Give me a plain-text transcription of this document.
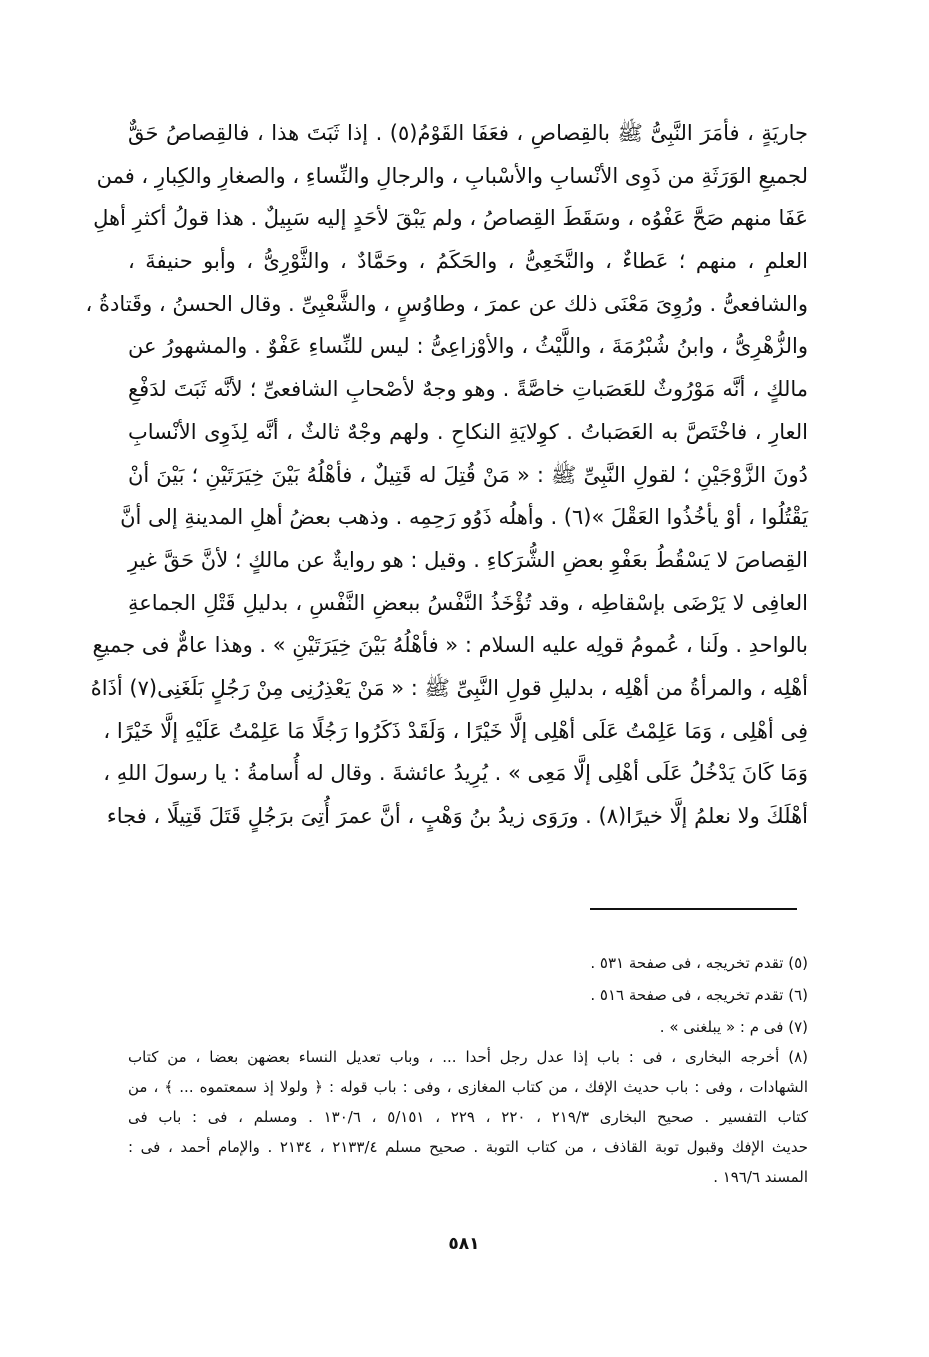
جاريَةٍ ، فأمَرَ النَّبِىُّ ﷺ بالقِصاصِ ، فعَفَا القَوْمُ(٥) . إذا ثَبَتَ هذا ، فالقِصاصُ حَقٌّ
لجميعِ الوَرَثَةِ من ذَوِى الأنْسابِ والأسْبابِ ، والرجالِ والنِّساءِ ، والصغارِ والكِبارِ ، فمن
عَفَا منهم صَحَّ عَفْوُه ، وسَقَطَ القِصاصُ ، ولم يَبْقَ لأحَدٍ إليه سَبِيلٌ . هذا قولُ أكثرِ أهلِ
العلمِ ، منهم ؛ عَطاءٌ ، والنَّخَعِىُّ ، والحَكَمُ ، وحَمَّادٌ ، والثَّوْرِىُّ ، وأبو حنيفةَ ،
والشافعىُّ . ورُوِىَ مَعْنَى ذلك عن عمرَ ، وطاوُسٍ ، والشَّعْبِىِّ . وقال الحسنُ ، وقَتادةُ ،
والزُّهْرِىُّ ، وابنُ شُبْرُمَةَ ، واللَّيْثُ ، والأوْزاعِىُّ : ليس للنِّساءِ عَفْوٌ . والمشهورُ عن
مالكٍ ، أنَّه مَوْرُوثٌ للعَصَباتِ خاصَّةً . وهو وجهٌ لأصْحابِ الشافعىِّ ؛ لأنَّه ثَبَتَ لدَفْعِ
العارِ ، فاخْتَصَّ به العَصَباتُ . كوِلايَةِ النكاحِ . ولهم وجْهٌ ثالثٌ ، أنَّه لِذَوِى الأنْسابِ
دُونَ الزَّوْجَيْنِ ؛ لقولِ النَّبِىِّ ﷺ : « مَنْ قُتِلَ له قَتِيلٌ ، فأهْلُهُ بَيْنَ خِيَرَتَيْنِ ؛ بَيْنَ أنْ
يَقْتُلُوا ، أوْ يأخُذُوا العَقْلَ »(٦) . وأهلُه ذَوُو رَحِمِه . وذهب بعضُ أهلِ المدينةِ إلى أنَّ
القِصاصَ لا يَسْقُطُ بعَفْوِ بعضِ الشُّرَكاءِ . وقيل : هو روايةٌ عن مالكٍ ؛ لأنَّ حَقَّ غيرِ
العافِى لا يَرْضَى بإسْقاطِه ، وقد تُؤْخَذُ النَّفْسُ ببعضِ النَّفْسِ ، بدليلِ قَتْلِ الجماعةِ
بالواحدِ . ولَنا ، عُمومُ قولِه عليه السلام : « فأهْلُهُ بَيْنَ خِيَرَتَيْنِ » . وهذا عامٌّ فى جميعِ
أهْلِه ، والمرأةُ من أهْلِه ، بدليلِ قولِ النَّبِىِّ ﷺ : « مَنْ يَعْذِرُنِى مِنْ رَجُلٍ بَلَغَنِى(٧) أذَاهُ
فِى أهْلِى ، وَمَا عَلِمْتُ عَلَى أهْلِى إلَّا خَيْرًا ، وَلَقَدْ ذَكَرُوا رَجُلًا مَا عَلِمْتُ عَلَيْهِ إلَّا خَيْرًا ،
وَمَا كَانَ يَدْخُلُ عَلَى أهْلِى إلَّا مَعِى » . يُرِيدُ عائشةَ . وقال له أُسامةُ : يا رسولَ اللهِ ،
أهْلَكَ ولا نعلمُ إلَّا خيرًا(٨) . ورَوَى زيدُ بنُ وَهْبٍ ، أنَّ عمرَ أُتِىَ برَجُلٍ قَتَلَ قَتِيلًا ، فجاء
(٥) تقدم تخريجه ، فى صفحة ٥٣١ .
(٦) تقدم تخريجه ، فى صفحة ٥١٦ .
(٧) فى م : « يبلغنى » .
(٨) أخرجه البخارى ، فى : باب إذا عدل رجل أحدا ... ، وباب تعديل النساء بعضهن بعضا ، من كتاب
الشهادات ، وفى : باب حديث الإفك ، من كتاب المغازى ، وفى : باب قوله : ﴿ ولولا إذ سمعتموه ... ﴾ ، من
كتاب التفسير . صحيح البخارى ٢١٩/٣ ، ٢٢٠ ، ٢٢٩ ، ٥/١٥١ ، ١٣٠/٦ . ومسلم ، فى : باب فى
حديث الإفك وقبول توبة القاذف ، من كتاب التوبة . صحيح مسلم ٢١٣٣/٤ ، ٢١٣٤ . والإمام أحمد ، فى :
المسند ١٩٦/٦ .
٥٨١
